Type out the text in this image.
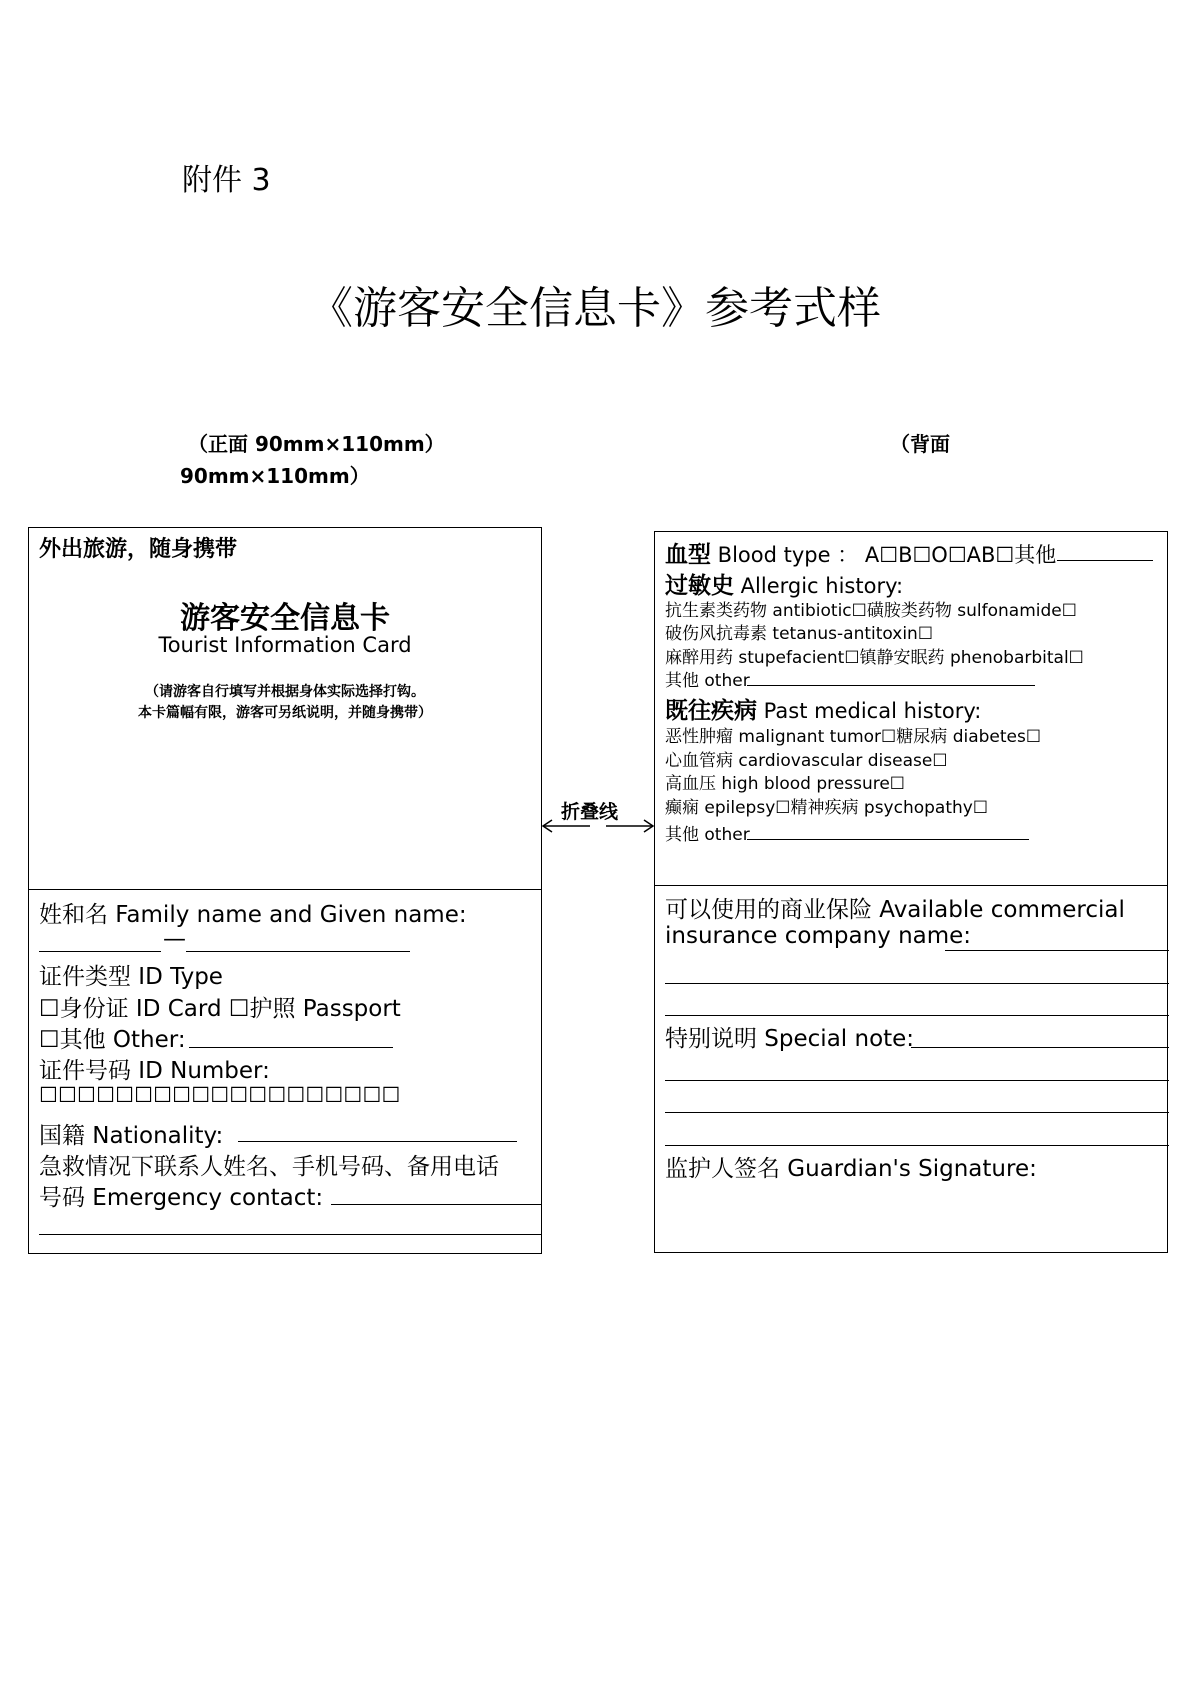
附件 3
《游客安全信息卡》参考式样
（正面 90mm×110mm）
90mm×110mm）
（背面
外出旅游，随身携带
游客安全信息卡
Tourist Information Card
（请游客自行填写并根据身体实际选择打钩。
本卡篇幅有限，游客可另纸说明，并随身携带）
姓和名 Family name and Given name:
—
证件类型 ID Type
☐身份证 ID Card ☐护照 Passport
☐其他 Other:
证件号码 ID Number:
☐☐☐☐☐☐☐☐☐☐☐☐☐☐☐☐☐☐☐
国籍 Nationality:
急救情况下联系人姓名、手机号码、备用电话
号码 Emergency contact:
折叠线
血型 Blood type ： A☐B☐O☐AB☐其他
过敏史 Allergic history:
抗生素类药物 antibiotic☐磺胺类药物 sulfonamide☐
破伤风抗毒素 tetanus-antitoxin☐
麻醉用药 stupefacient☐镇静安眠药 phenobarbital☐
其他 other
既往疾病 Past medical history:
恶性肿瘤 malignant tumor☐糖尿病 diabetes☐
心血管病 cardiovascular disease☐
高血压 high blood pressure☐
癫痫 epilepsy☐精神疾病 psychopathy☐
其他 other
可以使用的商业保险 Available commercial
insurance company name:
特别说明 Special note:
监护人签名 Guardian's Signature:
